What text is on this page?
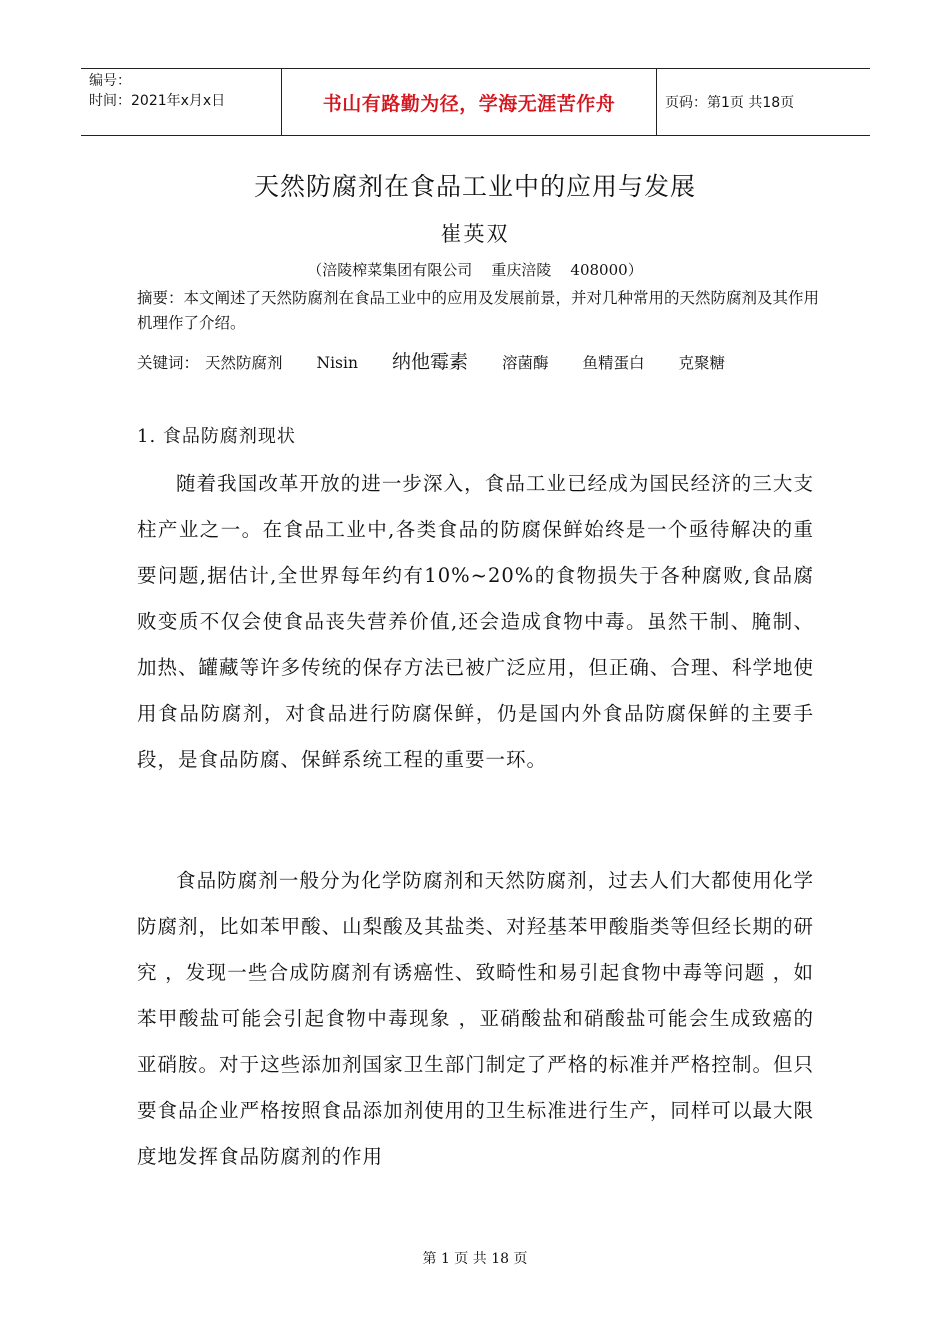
编号：
时间：2021年x月x日	书山有路勤为径，学海无涯苦作舟	页码：第1页 共18页
天然防腐剂在食品工业中的应用与发展
崔英双
（涪陵榨菜集团有限公司    重庆涪陵    408000）
摘要：本文阐述了天然防腐剂在食品工业中的应用及发展前景，并对几种常用的天然防腐剂及其作用机理作了介绍。
关键词： 天然防腐剂 Nisin 纳他霉素 溶菌酶 鱼精蛋白 克聚糖
1. 食品防腐剂现状
随着我国改革开放的进一步深入，食品工业已经成为国民经济的三大支柱产业之一。在食品工业中,各类食品的防腐保鲜始终是一个亟待解决的重要问题,据估计,全世界每年约有10%~20%的食物损失于各种腐败,食品腐败变质不仅会使食品丧失营养价值,还会造成食物中毒。虽然干制、腌制、加热、罐藏等许多传统的保存方法已被广泛应用，但正确、合理、科学地使用食品防腐剂，对食品进行防腐保鲜，仍是国内外食品防腐保鲜的主要手段，是食品防腐、保鲜系统工程的重要一环。
食品防腐剂一般分为化学防腐剂和天然防腐剂，过去人们大都使用化学防腐剂，比如苯甲酸、山梨酸及其盐类、对羟基苯甲酸脂类等但经长期的研究 ，发现一些合成防腐剂有诱癌性、致畸性和易引起食物中毒等问题 ，如苯甲酸盐可能会引起食物中毒现象 ，亚硝酸盐和硝酸盐可能会生成致癌的亚硝胺。对于这些添加剂国家卫生部门制定了严格的标准并严格控制。但只要食品企业严格按照食品添加剂使用的卫生标准进行生产，同样可以最大限度地发挥食品防腐剂的作用
第 1 页 共 18 页
